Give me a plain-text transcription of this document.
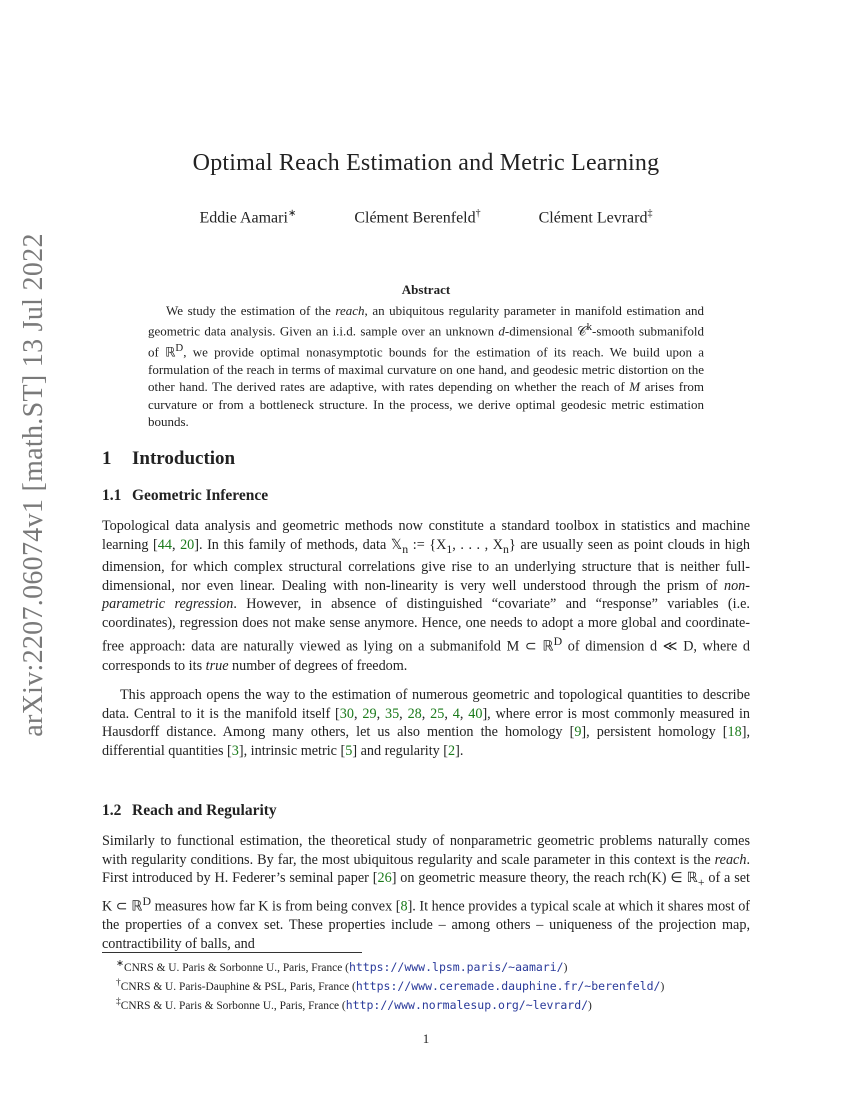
arXiv:2207.06074v1 [math.ST] 13 Jul 2022
Optimal Reach Estimation and Metric Learning
Eddie Aamari∗	Clément Berenfeld†	Clément Levrard‡
Abstract

We study the estimation of the reach, an ubiquitous regularity parameter in manifold estimation and geometric data analysis. Given an i.i.d. sample over an unknown d-dimensional 𝒞$^k$-smooth submanifold of ℝ$^D$, we provide optimal nonasymptotic bounds for the estimation of its reach. We build upon a formulation of the reach in terms of maximal curvature on one hand, and geodesic metric distortion on the other hand. The derived rates are adaptive, with rates depending on whether the reach of M arises from curvature or from a bottleneck structure. In the process, we derive optimal geodesic metric estimation bounds.

1 Introduction
1.1 Geometric Inference

Topological data analysis and geometric methods now constitute a standard toolbox in statistics and machine learning [44, 20]. In this family of methods, data 𝕏$_n$ := {$X_1$, . . . , $X_n$} are usually seen as point clouds in high dimension, for which complex structural correlations give rise to an underlying structure that is neither full-dimensional, nor even linear. Dealing with non-linearity is very well understood through the prism of non-parametric regression. However, in absence of distinguished “covariate” and “response” variables (i.e. coordinates), regression does not make sense anymore. Hence, one needs to adopt a more global and coordinate-free approach: data are naturally viewed as lying on a submanifold M ⊂ ℝ$^D$ of dimension d ≪ D, where d corresponds to its true number of degrees of freedom.

This approach opens the way to the estimation of numerous geometric and topological quantities to describe data. Central to it is the manifold itself [30, 29, 35, 28, 25, 4, 40], where error is most commonly measured in Hausdorff distance. Among many others, let us also mention the homology [9], persistent homology [18], differential quantities [3], intrinsic metric [5] and regularity [2].

1.2 Reach and Regularity

Similarly to functional estimation, the theoretical study of nonparametric geometric problems naturally comes with regularity conditions. By far, the most ubiquitous regularity and scale parameter in this context is the reach. First introduced by H. Federer’s seminal paper [26] on geometric measure theory, the reach rch(K) ∈ ℝ$_+$ of a set K ⊂ ℝ$^D$ measures how far K is from being convex [8]. It hence provides a typical scale at which it shares most of the properties of a convex set. These properties include – among others – uniqueness of the projection map, contractibility of balls, and

∗CNRS & U. Paris & Sorbonne U., Paris, France (https://www.lpsm.paris/~aamari/)
†CNRS & U. Paris-Dauphine & PSL, Paris, France (https://www.ceremade.dauphine.fr/~berenfeld/)
‡CNRS & U. Paris & Sorbonne U., Paris, France (http://www.normalesup.org/~levrard/)
1
